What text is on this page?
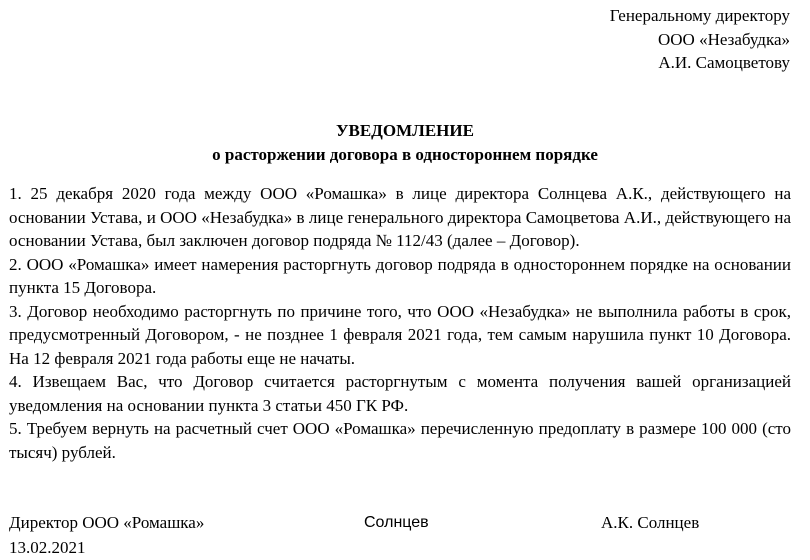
Генеральному директору
ООО «Незабудка»
А.И. Самоцветову
УВЕДОМЛЕНИЕ
о расторжении договора в одностороннем порядке

1. 25 декабря 2020 года между ООО «Ромашка» в лице директора Солнцева А.К., действующего на основании Устава, и ООО «Незабудка» в лице генерального директора Самоцветова А.И., действующего на основании Устава, был заключен договор подряда № 112/43 (далее – Договор).

2. ООО «Ромашка» имеет намерения расторгнуть договор подряда в одностороннем порядке на основании пункта 15 Договора.

3. Договор необходимо расторгнуть по причине того, что ООО «Незабудка» не выполнила работы в срок, предусмотренный Договором, - не позднее 1 февраля 2021 года, тем самым нарушила пункт 10 Договора. На 12 февраля 2021 года работы еще не начаты.

4. Извещаем Вас, что Договор считается расторгнутым с момента получения вашей организацией уведомления на основании пункта 3 статьи 450 ГК РФ.

5. Требуем вернуть на расчетный счет ООО «Ромашка» перечисленную предоплату в размере 100 000 (сто тысяч) рублей.

Директор ООО «Ромашка»	Солнцев	А.К. Солнцев
13.02.2021
